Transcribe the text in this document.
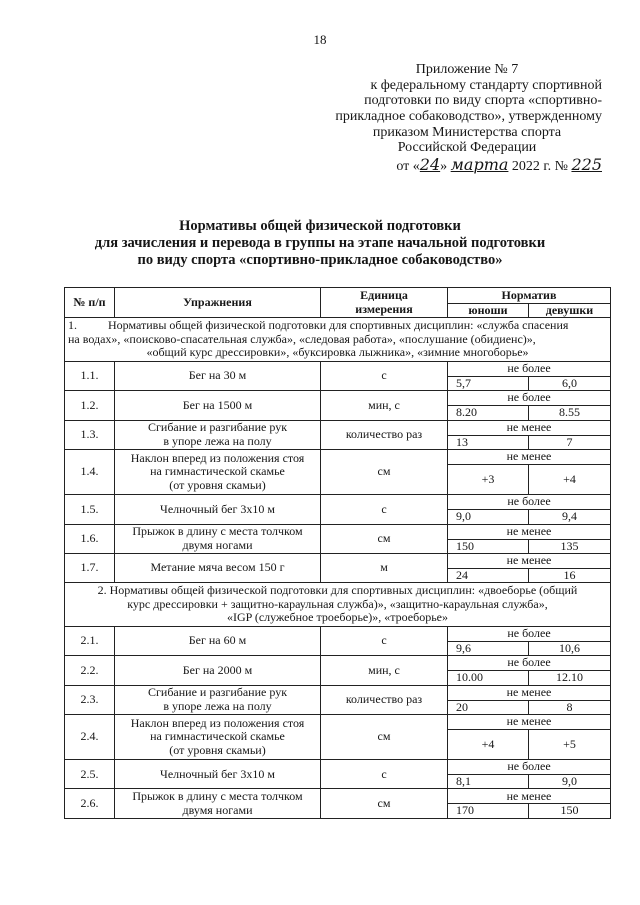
18
Приложение № 7
к федеральному стандарту спортивной
подготовки по виду спорта «спортивно-
прикладное собаководство», утвержденному
приказом Министерства спорта
Российской Федерации
от «24» марта 2022 г. № 225
Нормативы общей физической подготовки
для зачисления и перевода в группы на этапе начальной подготовки
по виду спорта «спортивно-прикладное собаководство»
№ п/п	Упражнения	Единица
измерения	Норматив	
			юноши	девушки

1. Нормативы общей физической подготовки для спортивных дисциплин: «служба спасения
на водах», «поисково-спасательная служба», «следовая работа», «послушание (обидиенс)»,
«общий курс дрессировки», «буксировка лыжника», «зимние многоборье»				

1.1.	Бег на 30 м	с	не более	
			5,7	6,0
1.2.	Бег на 1500 м	мин, с	не более	
			8.20	8.55
1.3.	Сгибание и разгибание рук
в упоре лежа на полу	количество раз	не менее	
			13	7
1.4.	Наклон вперед из положения стоя
на гимнастической скамье
(от уровня скамьи)	см	не менее	
			+3	+4
1.5.	Челночный бег 3х10 м	с	не более	
			9,0	9,4
1.6.	Прыжок в длину с места толчком
двумя ногами	см	не менее	
			150	135
1.7.	Метание мяча весом 150 г	м	не менее	
			24	16

2. Нормативы общей физической подготовки для спортивных дисциплин: «двоеборье (общий
курс дрессировки + защитно-караульная служба)», «защитно-караульная служба»,
«IGP (служебное троеборье)», «троеборье»				

2.1.	Бег на 60 м	с	не более	
			9,6	10,6
2.2.	Бег на 2000 м	мин, с	не более	
			10.00	12.10
2.3.	Сгибание и разгибание рук
в упоре лежа на полу	количество раз	не менее	
			20	8
2.4.	Наклон вперед из положения стоя
на гимнастической скамье
(от уровня скамьи)	см	не менее	
			+4	+5
2.5.	Челночный бег 3х10 м	с	не более	
			8,1	9,0
2.6.	Прыжок в длину с места толчком
двумя ногами	см	не менее	
			170	150
